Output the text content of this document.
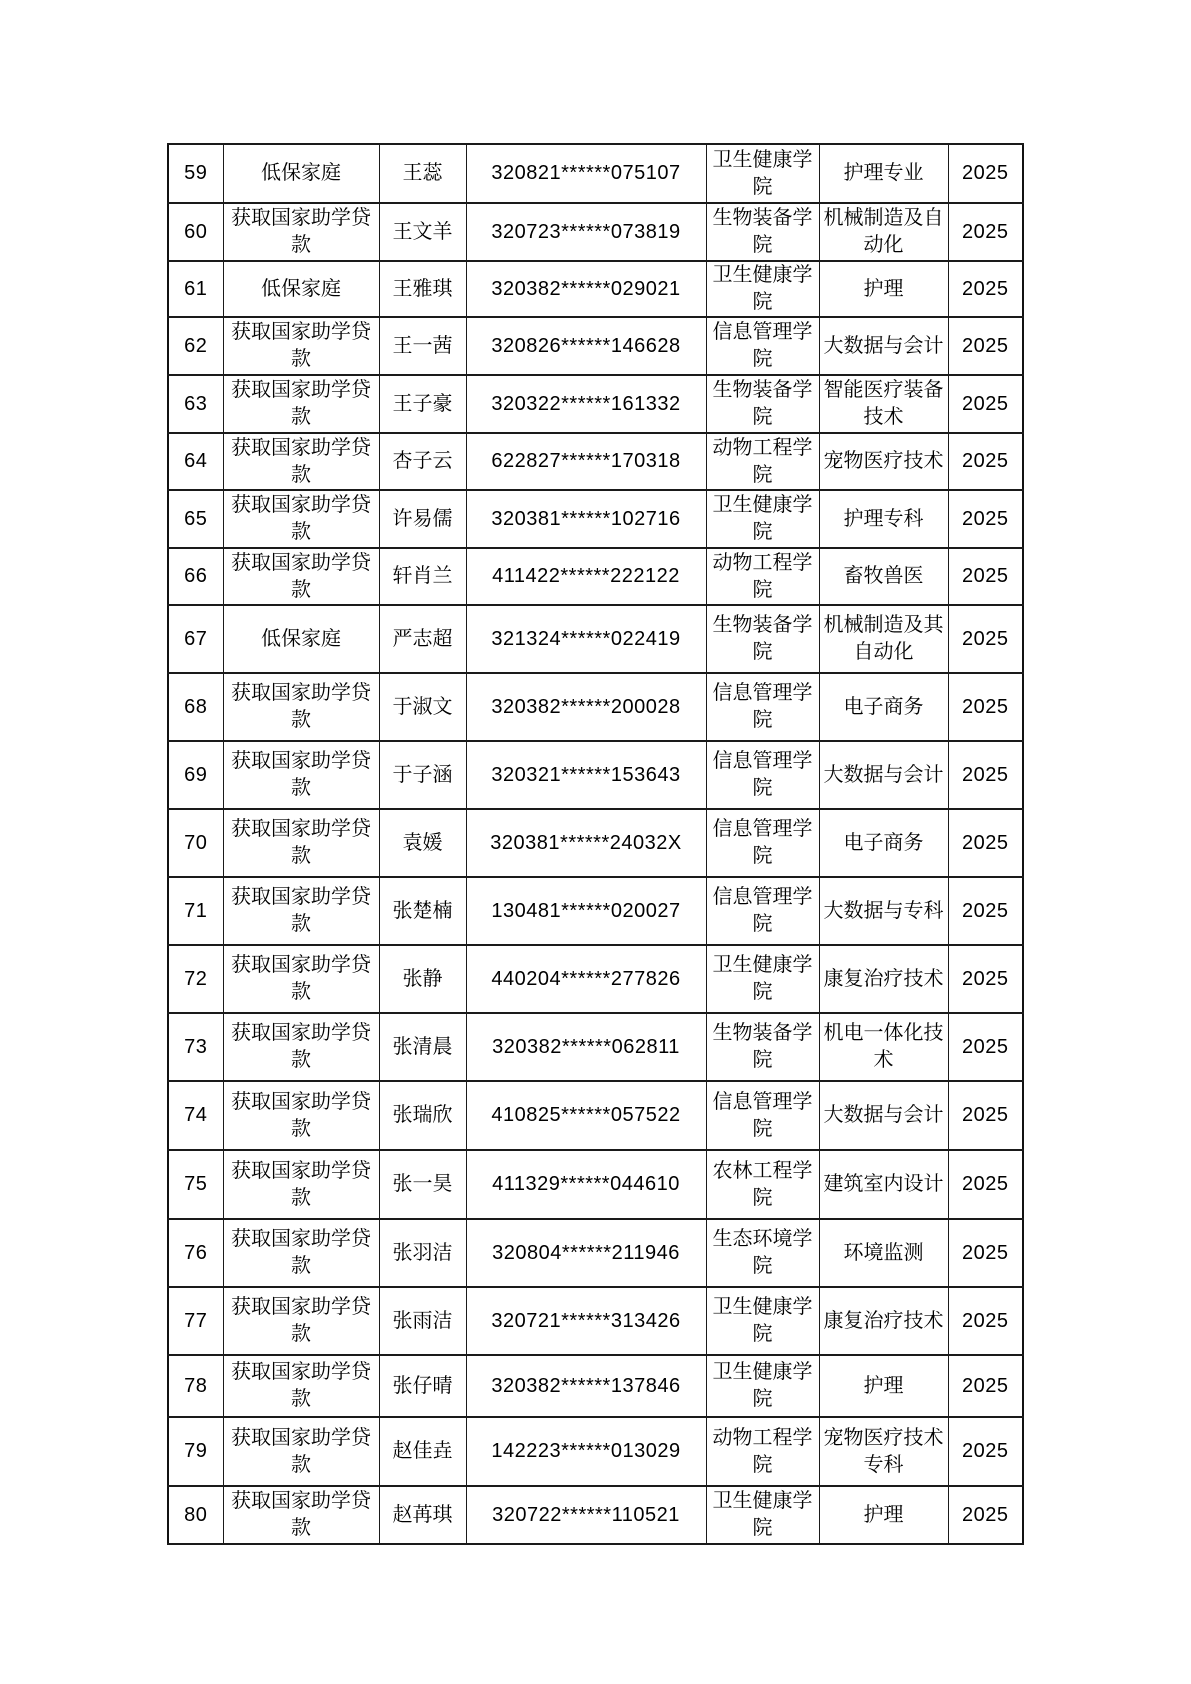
59	低保家庭	王蕊	320821******075107	卫生健康学院	护理专业	2025
60	获取国家助学贷款	王文羊	320723******073819	生物装备学院	机械制造及自动化	2025
61	低保家庭	王雅琪	320382******029021	卫生健康学院	护理	2025
62	获取国家助学贷款	王一茜	320826******146628	信息管理学院	大数据与会计	2025
63	获取国家助学贷款	王子豪	320322******161332	生物装备学院	智能医疗装备技术	2025
64	获取国家助学贷款	杏子云	622827******170318	动物工程学院	宠物医疗技术	2025
65	获取国家助学贷款	许易儒	320381******102716	卫生健康学院	护理专科	2025
66	获取国家助学贷款	轩肖兰	411422******222122	动物工程学院	畜牧兽医	2025
67	低保家庭	严志超	321324******022419	生物装备学院	机械制造及其自动化	2025
68	获取国家助学贷款	于淑文	320382******200028	信息管理学院	电子商务	2025
69	获取国家助学贷款	于子涵	320321******153643	信息管理学院	大数据与会计	2025
70	获取国家助学贷款	袁媛	320381******24032X	信息管理学院	电子商务	2025
71	获取国家助学贷款	张楚楠	130481******020027	信息管理学院	大数据与专科	2025
72	获取国家助学贷款	张静	440204******277826	卫生健康学院	康复治疗技术	2025
73	获取国家助学贷款	张清晨	320382******062811	生物装备学院	机电一体化技术	2025
74	获取国家助学贷款	张瑞欣	410825******057522	信息管理学院	大数据与会计	2025
75	获取国家助学贷款	张一昊	411329******044610	农林工程学院	建筑室内设计	2025
76	获取国家助学贷款	张羽洁	320804******211946	生态环境学院	环境监测	2025
77	获取国家助学贷款	张雨洁	320721******313426	卫生健康学院	康复治疗技术	2025
78	获取国家助学贷款	张仔晴	320382******137846	卫生健康学院	护理	2025
79	获取国家助学贷款	赵佳垚	142223******013029	动物工程学院	宠物医疗技术专科	2025
80	获取国家助学贷款	赵苒琪	320722******110521	卫生健康学院	护理	2025
